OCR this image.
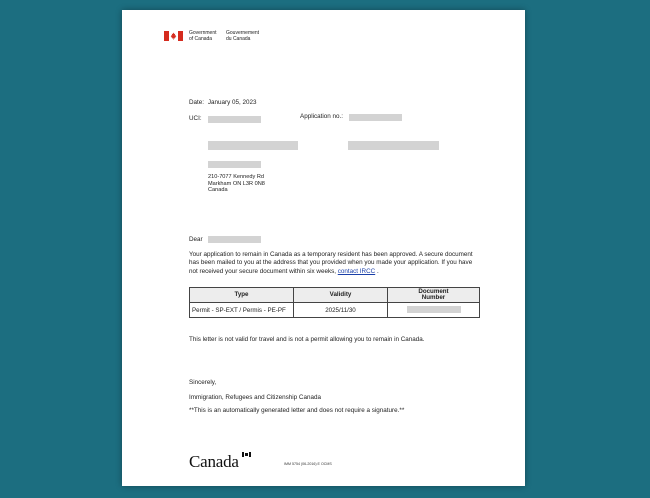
Government
of Canada
Gouvernement
du Canada
Date: January 05, 2023
UCI:	Application no.:
210-7077 Kennedy Rd
Markham ON L3R 0N8
Canada
Dear
Your application to remain in Canada as a temporary resident has been approved. A secure document has been mailed to you at the address that you provided when you made your application. If you have not received your secure document within six weeks, contact IRCC .
Type	Validity	Document Number
Permit - SP-EXT / Permis - PE-PF	2025/11/30	
This letter is not valid for travel and is not a permit allowing you to remain in Canada.
Sincerely,
Immigration, Refugees and Citizenship Canada
**This is an automatically generated letter and does not require a signature.**
Canada	IMM 5754 (06-2016) E OCMS
